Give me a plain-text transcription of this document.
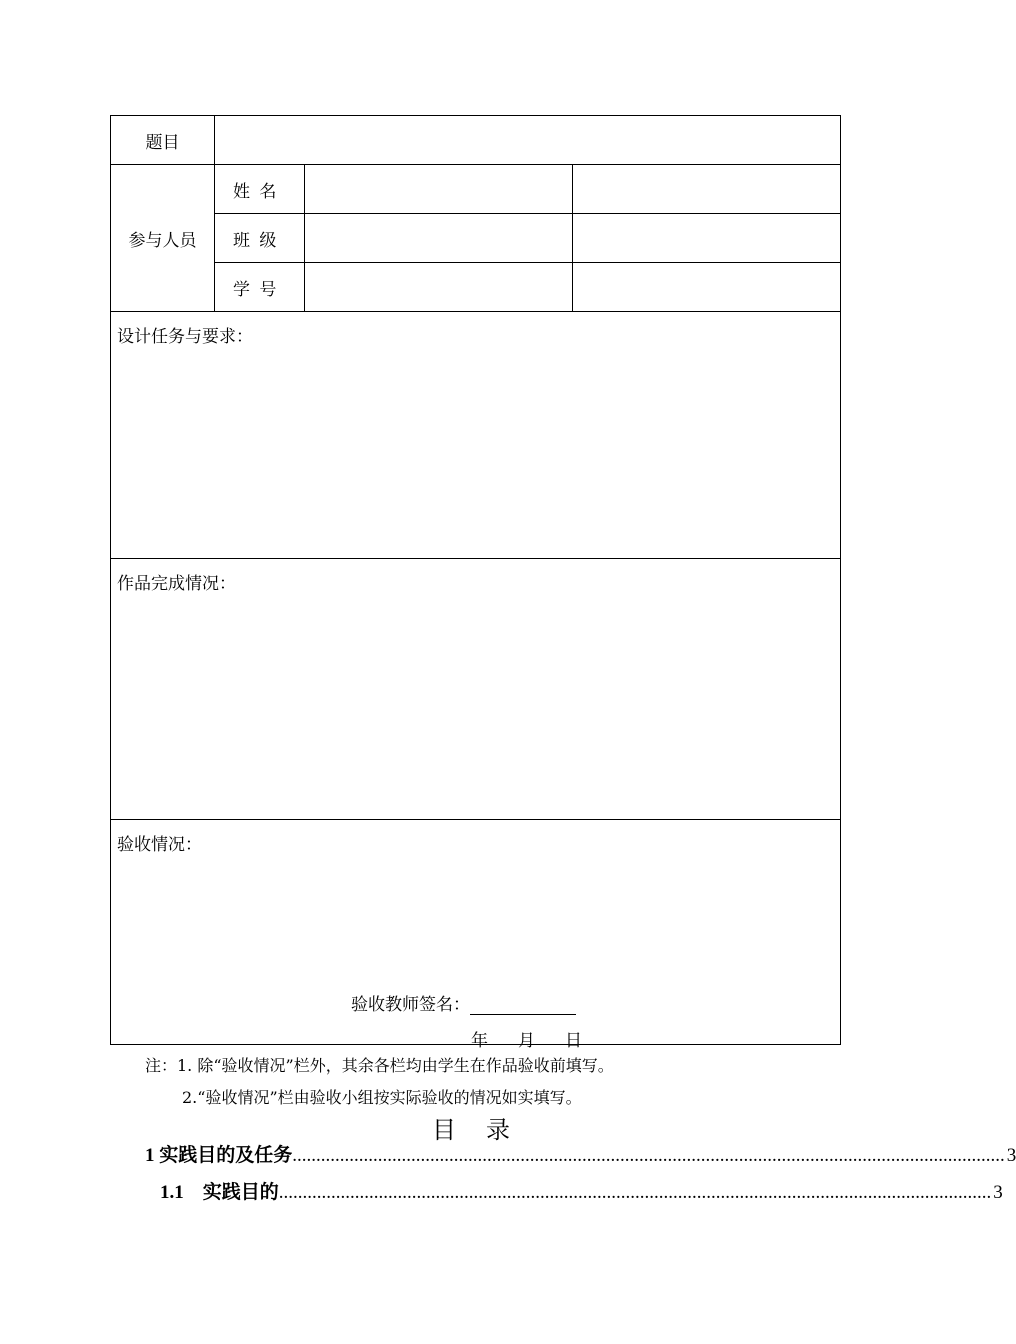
题目			
参与人员	姓 名		
	班 级		
	学 号		
设计任务与要求：			
作品完成情况：			
验收情况：
验收教师签名：
年 月 日			
注：1. 除“验收情况”栏外，其余各栏均由学生在作品验收前填写。
2.“验收情况”栏由验收小组按实际验收的情况如实填写。
目录
1 实践目的及任务 ...................................................................................................................................................... 3
1.1    实践目的 ...................................................................................................................................................... 3
